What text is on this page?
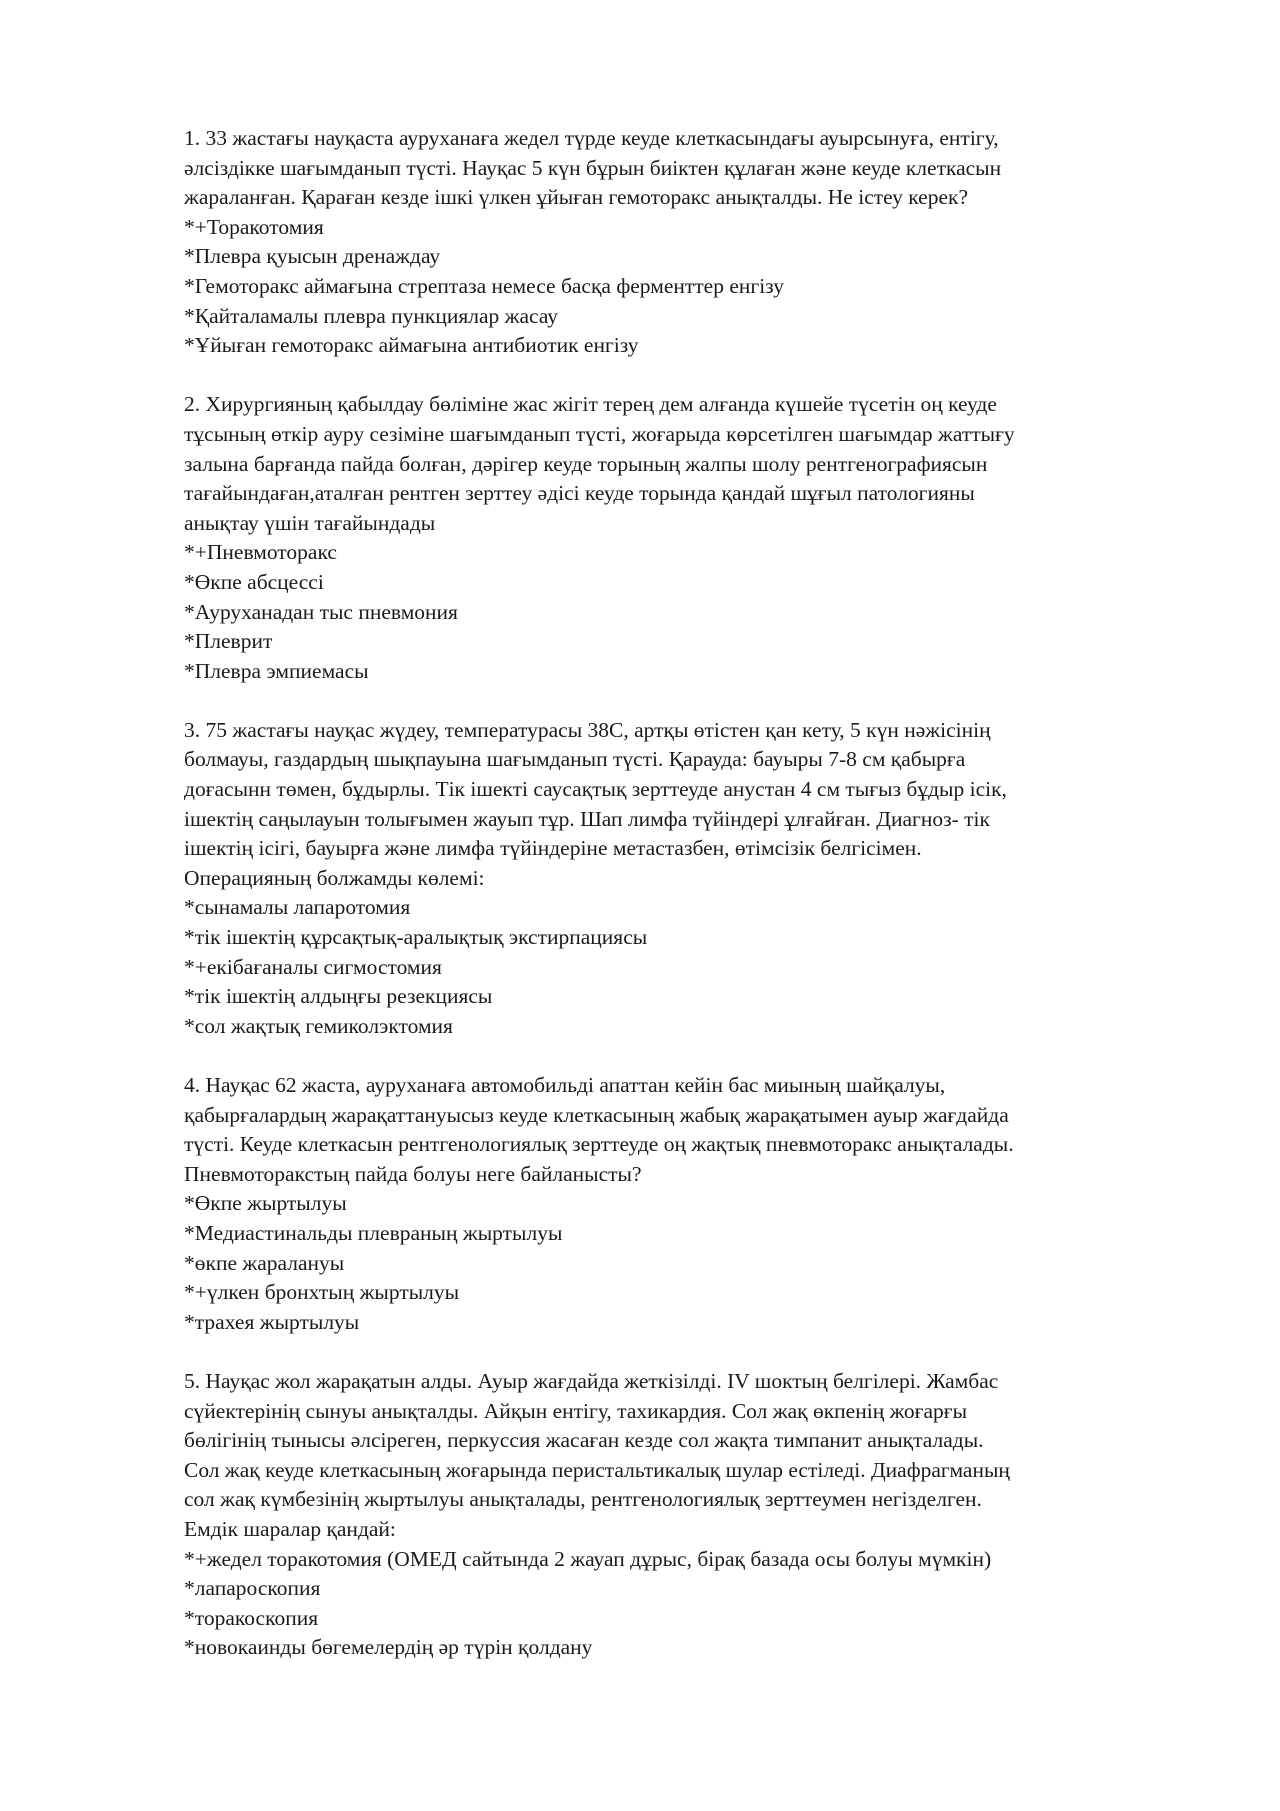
1. 33 жастағы науқаста ауруханаға жедел түрде кеуде клеткасындағы ауырсынуға, ентігу,
әлсіздікке шағымданып түсті. Науқас 5 күн бұрын биіктен құлаған және кеуде клеткасын
жараланған. Қараған кезде ішкі үлкен ұйыған гемоторакс анықталды. Не істеу керек?

*+Торакотомия

*Плевра қуысын дренаждау

*Гемоторакс аймағына стрептаза немесе басқа ферменттер енгізу

*Қайталамалы плевра пункциялар жасау

*Ұйыған гемоторакс аймағына антибиотик енгізу

2. Хирургияның қабылдау бөліміне жас жігіт терең дем алғанда күшейе түсетін оң кеуде
тұсының өткір ауру сезіміне шағымданып түсті, жоғарыда көрсетілген шағымдар жаттығу
залына барғанда пайда болған, дәрігер кеуде торының жалпы шолу рентгенографиясын
тағайындаған,аталған рентген зерттеу әдісі кеуде торында қандай шұғыл патологияны
анықтау үшін тағайындады

*+Пневмоторакс

*Өкпе абсцессі

*Ауруханадан тыс пневмония

*Плеврит

*Плевра эмпиемасы

3. 75 жастағы науқас жүдеу, температурасы 38С, артқы өтістен қан кету, 5 күн нәжісінің
болмауы, газдардың шықпауына шағымданып түсті. Қарауда: бауыры 7-8 см қабырға
доғасынн төмен, бұдырлы. Тік ішекті саусақтық зерттеуде анустан 4 см тығыз бұдыр ісік,
ішектің саңылауын толығымен жауып тұр. Шап лимфа түйіндері ұлғайған. Диагноз- тік
ішектің ісігі, бауырға және лимфа түйіндеріне метастазбен, өтімсізік белгісімен.
Операцияның болжамды көлемі:

*сынамалы лапаротомия

*тік ішектің құрсақтық-аралықтық экстирпациясы

*+екібағаналы сигмостомия

*тік ішектің алдыңғы резекциясы

*сол жақтық гемиколэктомия

4. Науқас 62 жаста, ауруханаға автомобильді апаттан кейін бас миының шайқалуы,
қабырғалардың жарақаттануысыз кеуде клеткасының жабық жарақатымен ауыр жағдайда
түсті. Кеуде клеткасын рентгенологиялық зерттеуде оң жақтық пневмоторакс анықталады.
Пневмоторакстың пайда болуы неге байланысты?

*Өкпе жыртылуы

*Медиастинальды плевраның жыртылуы

*өкпе жаралануы

*+үлкен бронхтың жыртылуы

*трахея жыртылуы

5. Науқас жол жарақатын алды. Ауыр жағдайда жеткізілді. IV шоктың белгілері. Жамбас
сүйектерінің сынуы анықталды. Айқын ентігу, тахикардия. Сол жақ өкпенің жоғарғы
бөлігінің тынысы әлсіреген, перкуссия жасаған кезде сол жақта тимпанит анықталады.
Сол жақ кеуде клеткасының жоғарында перистальтикалық шулар естіледі. Диафрагманың
сол жақ күмбезінің жыртылуы анықталады, рентгенологиялық зерттеумен негізделген.
Емдік шаралар қандай:

*+жедел торакотомия (ОМЕД сайтында 2 жауап дұрыс, бірақ базада осы болуы мүмкін)

*лапароскопия

*торакоскопия

*новокаинды бөгемелердің әр түрін қолдану
